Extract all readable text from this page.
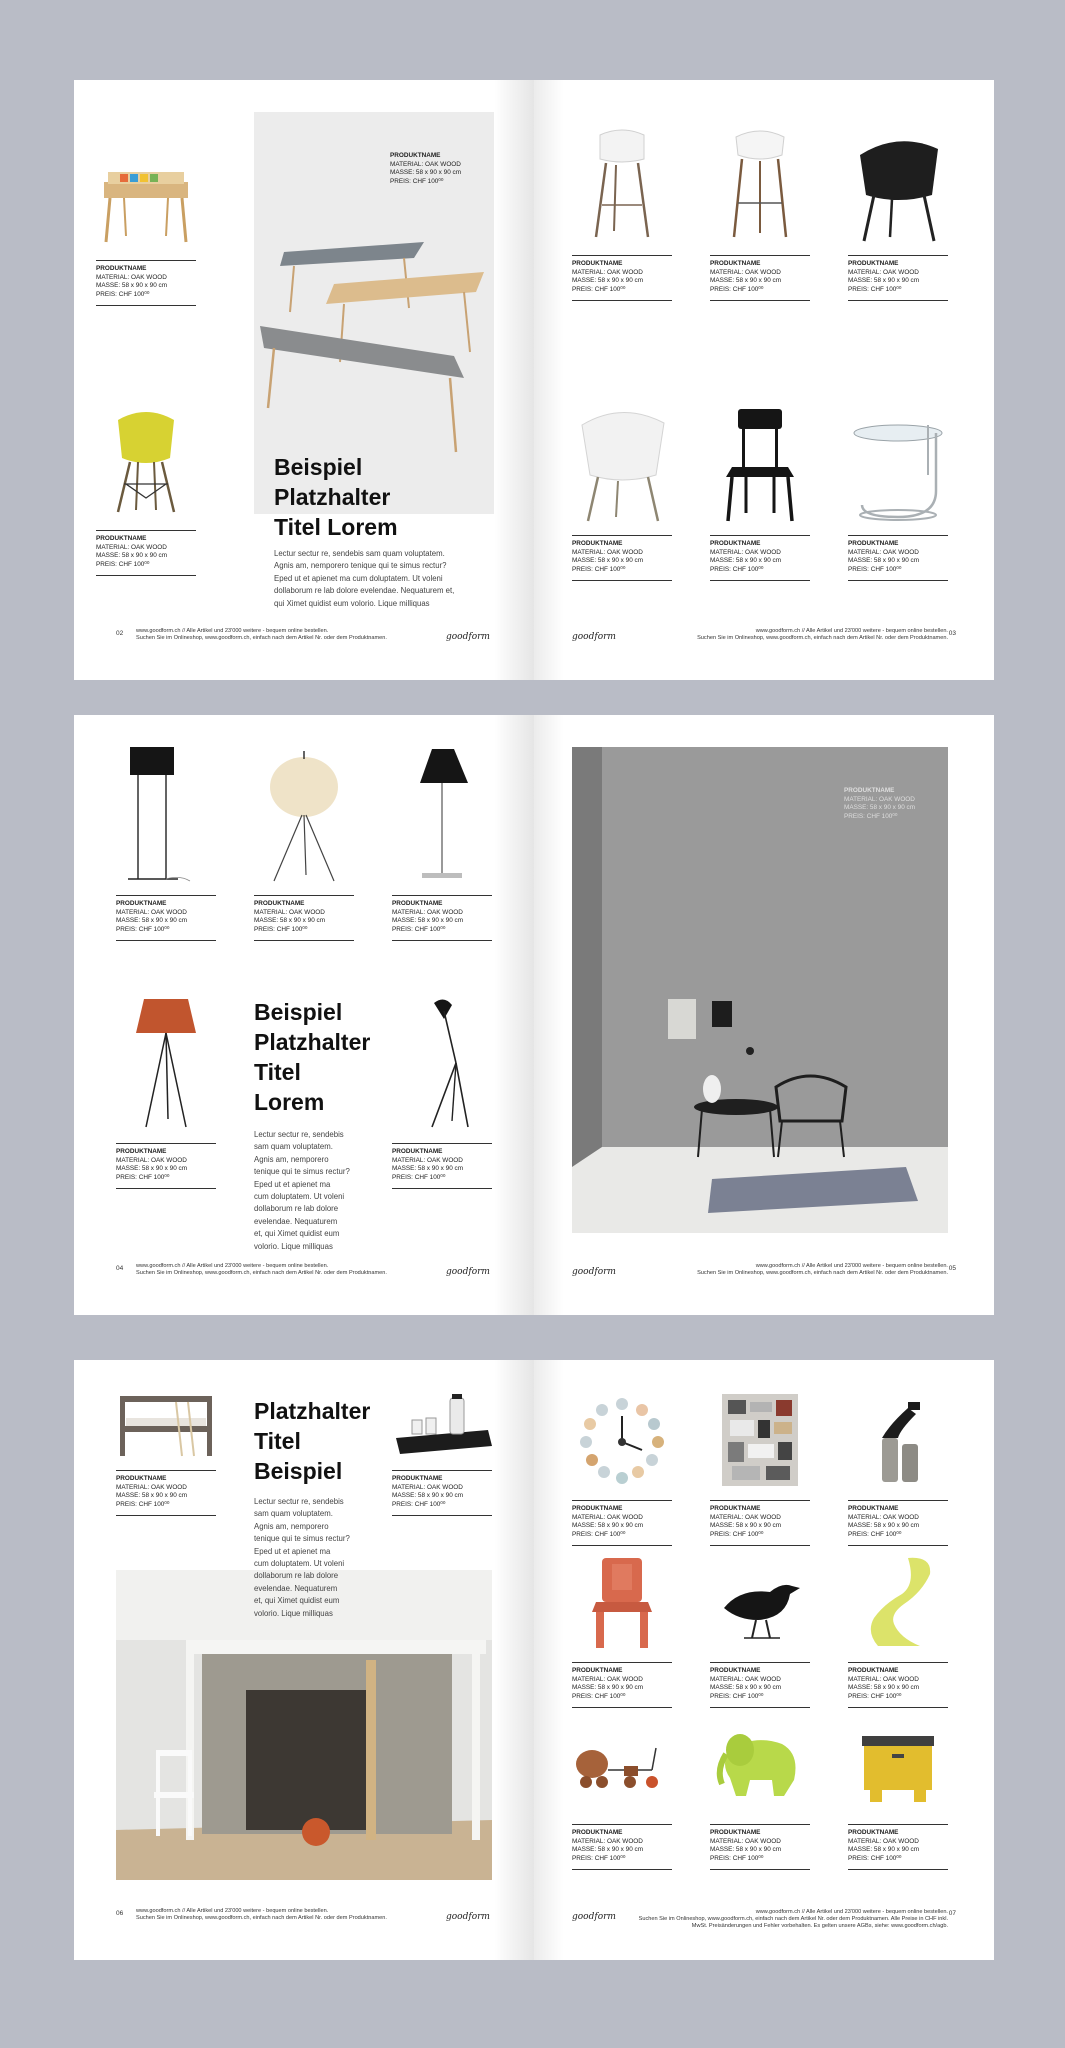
PRODUKTNAME
MATERIAL: OAK WOOD
MASSE: 58 x 90 x 90 cm
PREIS: CHF 100⁰⁰
PRODUKTNAME
MATERIAL: OAK WOOD
MASSE: 58 x 90 x 90 cm
PREIS: CHF 100⁰⁰
PRODUKTNAME
MATERIAL: OAK WOOD
MASSE: 58 x 90 x 90 cm
PREIS: CHF 100⁰⁰
Beispiel
Platzhalter
Titel Lorem
Lectur sectur re, sendebis sam quam voluptatem.
Agnis am, nemporero tenique qui te simus rectur?
Eped ut et apienet ma cum doluptatem. Ut voleni
dollaborum re lab dolore evelendae. Nequaturem et,
qui Ximet quidist eum volorio. Lique milliquas
02 www.goodform.ch // Alle Artikel und 23'000 weitere - bequem online bestellen.
Suchen Sie im Onlineshop, www.goodform.ch, einfach nach dem Artikel Nr. oder dem Produktnamen.	goodform
PRODUKTNAME
MATERIAL: OAK WOOD
MASSE: 58 x 90 x 90 cm
PREIS: CHF 100⁰⁰
PRODUKTNAME
MATERIAL: OAK WOOD
MASSE: 58 x 90 x 90 cm
PREIS: CHF 100⁰⁰
PRODUKTNAME
MATERIAL: OAK WOOD
MASSE: 58 x 90 x 90 cm
PREIS: CHF 100⁰⁰
PRODUKTNAME
MATERIAL: OAK WOOD
MASSE: 58 x 90 x 90 cm
PREIS: CHF 100⁰⁰
PRODUKTNAME
MATERIAL: OAK WOOD
MASSE: 58 x 90 x 90 cm
PREIS: CHF 100⁰⁰
PRODUKTNAME
MATERIAL: OAK WOOD
MASSE: 58 x 90 x 90 cm
PREIS: CHF 100⁰⁰
goodform
www.goodform.ch // Alle Artikel und 23'000 weitere - bequem online bestellen.
Suchen Sie im Onlineshop, www.goodform.ch, einfach nach dem Artikel Nr. oder dem Produktnamen.
03
PRODUKTNAME
MATERIAL: OAK WOOD
MASSE: 58 x 90 x 90 cm
PREIS: CHF 100⁰⁰
PRODUKTNAME
MATERIAL: OAK WOOD
MASSE: 58 x 90 x 90 cm
PREIS: CHF 100⁰⁰
PRODUKTNAME
MATERIAL: OAK WOOD
MASSE: 58 x 90 x 90 cm
PREIS: CHF 100⁰⁰
PRODUKTNAME
MATERIAL: OAK WOOD
MASSE: 58 x 90 x 90 cm
PREIS: CHF 100⁰⁰
PRODUKTNAME
MATERIAL: OAK WOOD
MASSE: 58 x 90 x 90 cm
PREIS: CHF 100⁰⁰
Beispiel
Platzhalter
Titel
Lorem
Lectur sectur re, sendebis
sam quam voluptatem.
Agnis am, nemporero
tenique qui te simus rectur?
Eped ut et apienet ma
cum doluptatem. Ut voleni
dollaborum re lab dolore
evelendae. Nequaturem
et, qui Ximet quidist eum
volorio. Lique milliquas
04 www.goodform.ch // Alle Artikel und 23'000 weitere - bequem online bestellen.
Suchen Sie im Onlineshop, www.goodform.ch, einfach nach dem Artikel Nr. oder dem Produktnamen.	goodform
PRODUKTNAME
MATERIAL: OAK WOOD
MASSE: 58 x 90 x 90 cm
PREIS: CHF 100⁰⁰
goodform
www.goodform.ch // Alle Artikel und 23'000 weitere - bequem online bestellen.
Suchen Sie im Onlineshop, www.goodform.ch, einfach nach dem Artikel Nr. oder dem Produktnamen.
05
PRODUKTNAME
MATERIAL: OAK WOOD
MASSE: 58 x 90 x 90 cm
PREIS: CHF 100⁰⁰
PRODUKTNAME
MATERIAL: OAK WOOD
MASSE: 58 x 90 x 90 cm
PREIS: CHF 100⁰⁰
Platzhalter
Titel
Beispiel
Lectur sectur re, sendebis
sam quam voluptatem.
Agnis am, nemporero
tenique qui te simus rectur?
Eped ut et apienet ma
cum doluptatem. Ut voleni
dollaborum re lab dolore
evelendae. Nequaturem
et, qui Ximet quidist eum
volorio. Lique milliquas
06 www.goodform.ch // Alle Artikel und 23'000 weitere - bequem online bestellen.
Suchen Sie im Onlineshop, www.goodform.ch, einfach nach dem Artikel Nr. oder dem Produktnamen.	goodform
PRODUKTNAME
MATERIAL: OAK WOOD
MASSE: 58 x 90 x 90 cm
PREIS: CHF 100⁰⁰
PRODUKTNAME
MATERIAL: OAK WOOD
MASSE: 58 x 90 x 90 cm
PREIS: CHF 100⁰⁰
PRODUKTNAME
MATERIAL: OAK WOOD
MASSE: 58 x 90 x 90 cm
PREIS: CHF 100⁰⁰
PRODUKTNAME
MATERIAL: OAK WOOD
MASSE: 58 x 90 x 90 cm
PREIS: CHF 100⁰⁰
PRODUKTNAME
MATERIAL: OAK WOOD
MASSE: 58 x 90 x 90 cm
PREIS: CHF 100⁰⁰
PRODUKTNAME
MATERIAL: OAK WOOD
MASSE: 58 x 90 x 90 cm
PREIS: CHF 100⁰⁰
PRODUKTNAME
MATERIAL: OAK WOOD
MASSE: 58 x 90 x 90 cm
PREIS: CHF 100⁰⁰
PRODUKTNAME
MATERIAL: OAK WOOD
MASSE: 58 x 90 x 90 cm
PREIS: CHF 100⁰⁰
PRODUKTNAME
MATERIAL: OAK WOOD
MASSE: 58 x 90 x 90 cm
PREIS: CHF 100⁰⁰
goodform	www.goodform.ch // Alle Artikel und 23'000 weitere - bequem online bestellen.
Suchen Sie im Onlineshop, www.goodform.ch, einfach nach dem Artikel Nr. oder dem Produktnamen. Alle Preise in CHF inkl.
MwSt. Preisänderungen und Fehler vorbehalten. Es gelten unsere AGBs, siehe: www.goodform.ch/agb.
07
